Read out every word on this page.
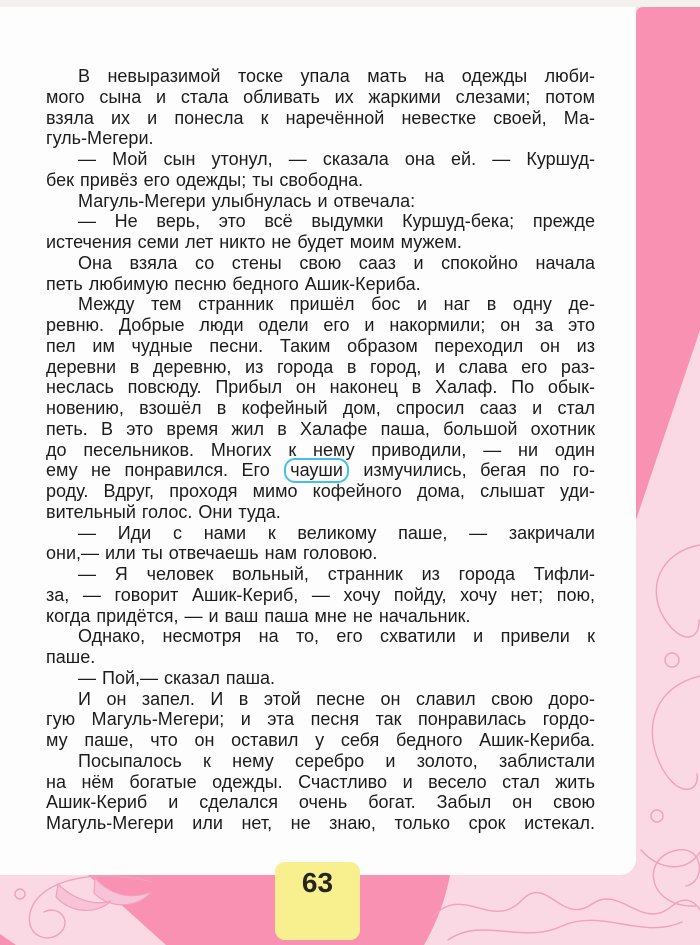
В невыразимой тоске упала мать на одежды люби-
мого сына и стала обливать их жаркими слезами; потом
взяла их и понесла к наречённой невестке своей, Ма-
гуль-Мегери.
— Мой сын утонул, — сказала она ей. — Куршуд-
бек привёз его одежды; ты свободна.
Магуль-Мегери улыбнулась и отвечала:
— Не верь, это всё выдумки Куршуд-бека; прежде
истечения семи лет никто не будет моим мужем.
Она взяла со стены свою сааз и спокойно начала
петь любимую песню бедного Ашик-Кериба.
Между тем странник пришёл бос и наг в одну де-
ревню. Добрые люди одели его и накормили; он за это
пел им чудные песни. Таким образом переходил он из
деревни в деревню, из города в город, и слава его раз-
неслась повсюду. Прибыл он наконец в Халаф. По обык-
новению, взошёл в кофейный дом, спросил сааз и стал
петь. В это время жил в Халафе паша, большой охотник
до песельников. Многих к нему приводили, — ни один
ему не понравился. Его чауши измучились, бегая по го-
роду. Вдруг, проходя мимо кофейного дома, слышат уди-
вительный голос. Они туда.
— Иди с нами к великому паше, — закричали
они,— или ты отвечаешь нам головою.
— Я человек вольный, странник из города Тифли-
за, — говорит Ашик-Кериб, — хочу пойду, хочу нет; пою,
когда придётся, — и ваш паша мне не начальник.
Однако, несмотря на то, его схватили и привели к
паше.
— Пой,— сказал паша.
И он запел. И в этой песне он славил свою доро-
гую Магуль-Мегери; и эта песня так понравилась гордо-
му паше, что он оставил у себя бедного Ашик-Кериба.
Посыпалось к нему серебро и золото, заблистали
на нём богатые одежды. Счастливо и весело стал жить
Ашик-Кериб и сделался очень богат. Забыл он свою
Магуль-Мегери или нет, не знаю, только срок истекал.
63
